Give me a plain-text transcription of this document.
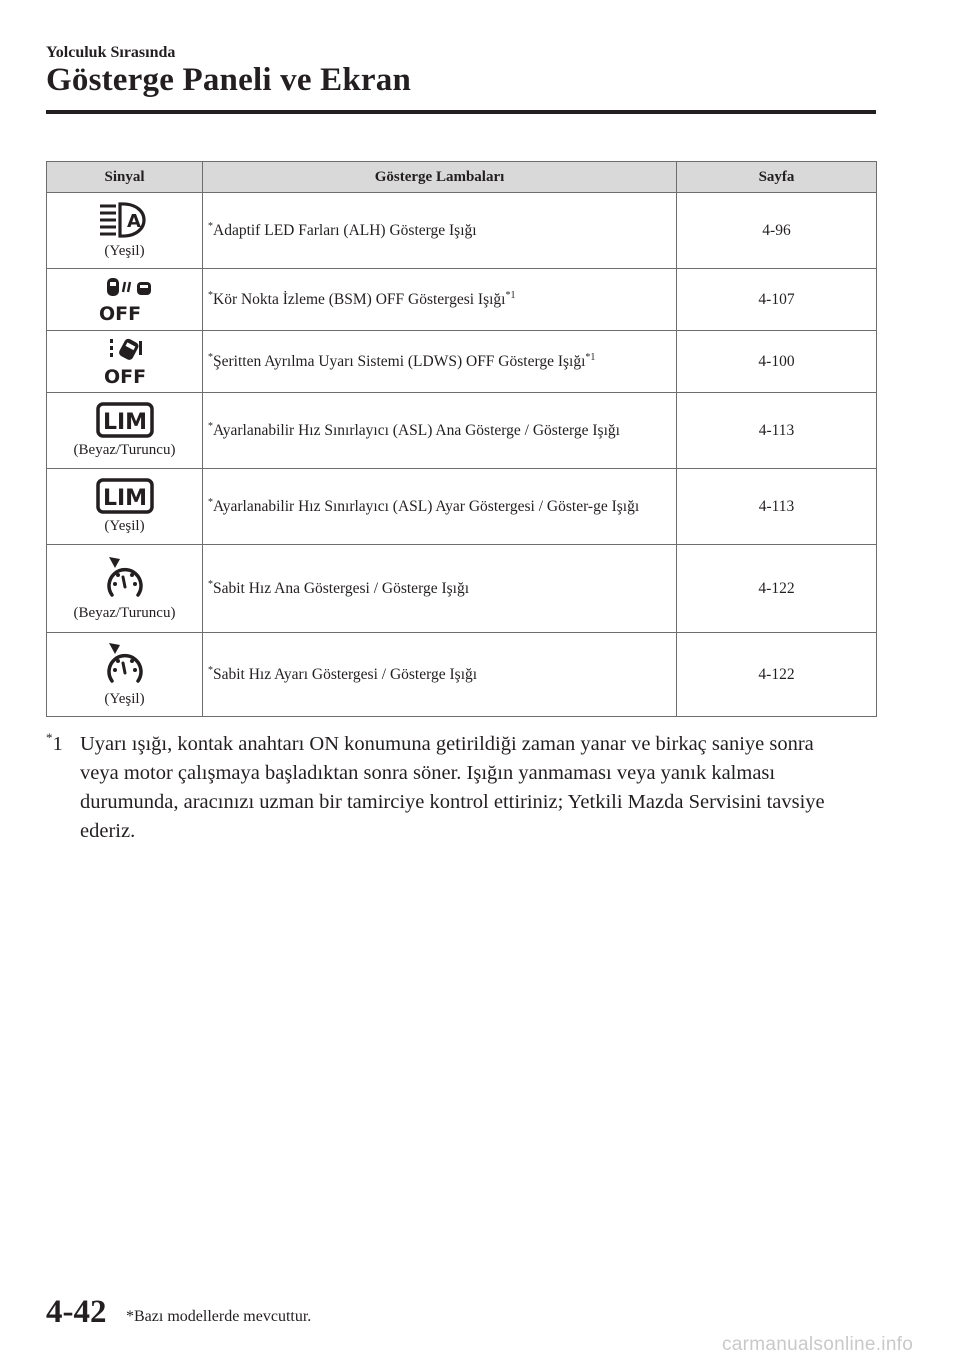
Yolculuk Sırasında
Gösterge Paneli ve Ekran
Sinyal	Gösterge Lambaları	Sayfa

A
(Yeşil)	*Adaptif LED Farları (ALH) Gösterge Işığı	4-96

OFF	*Kör Nokta İzleme (BSM) OFF Göstergesi Işığı$^{*1}$	4-107

OFF	*Şeritten Ayrılma Uyarı Sistemi (LDWS) OFF Gösterge Işığı$^{*1}$	4-100

LIM
(Beyaz/Turuncu)	*Ayarlanabilir Hız Sınırlayıcı (ASL) Ana Gösterge / Gösterge Işığı	4-113

LIM
(Yeşil)	*Ayarlanabilir Hız Sınırlayıcı (ASL) Ayar Göstergesi / Göster-ge Işığı	4-113

(Beyaz/Turuncu)	*Sabit Hız Ana Göstergesi / Gösterge Işığı	4-122

(Yeşil)	*Sabit Hız Ayarı Göstergesi / Gösterge Işığı	4-122
*1 Uyarı ışığı, kontak anahtarı ON konumuna getirildiği zaman yanar ve birkaç saniye sonra veya motor çalışmaya başladıktan sonra söner. Işığın yanmaması veya yanık kalması durumunda, aracınızı uzman bir tamirciye kontrol ettiriniz; Yetkili Mazda Servisini tavsiye ederiz.
4-42 *Bazı modellerde mevcuttur.
carmanualsonline.info
